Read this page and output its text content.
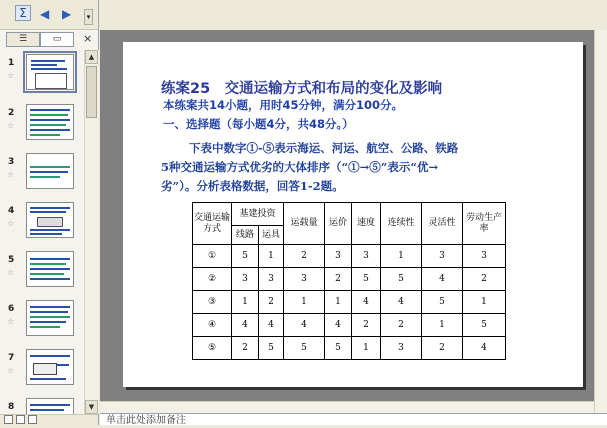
Σ	◀ ▶	▾
☰	▭	×
1
☆
2
☆
3
☆
4
☆
5
☆
6
☆
7
☆
8
▲
▼
练案25　交通运输方式和布局的变化及影响
本练案共14小题，用时45分钟，满分100分。
一、选择题（每小题4分，共48分。）
下表中数字①-⑤表示海运、河运、航空、公路、铁路
5种交通运输方式优劣的大体排序（“①→⑤”表示“优→
劣”）。分析表格数据，回答1-2题。
交通运输方式	基建投资		运载量	运价	速度	连续性	灵活性	劳动生产率
	线路	运具						
①	5	1	2	3	3	1	3	3
②	3	3	3	2	5	5	4	2
③	1	2	1	1	4	4	5	1
④	4	4	4	4	2	2	1	5
⑤	2	5	5	5	1	3	2	4
单击此处添加备注
